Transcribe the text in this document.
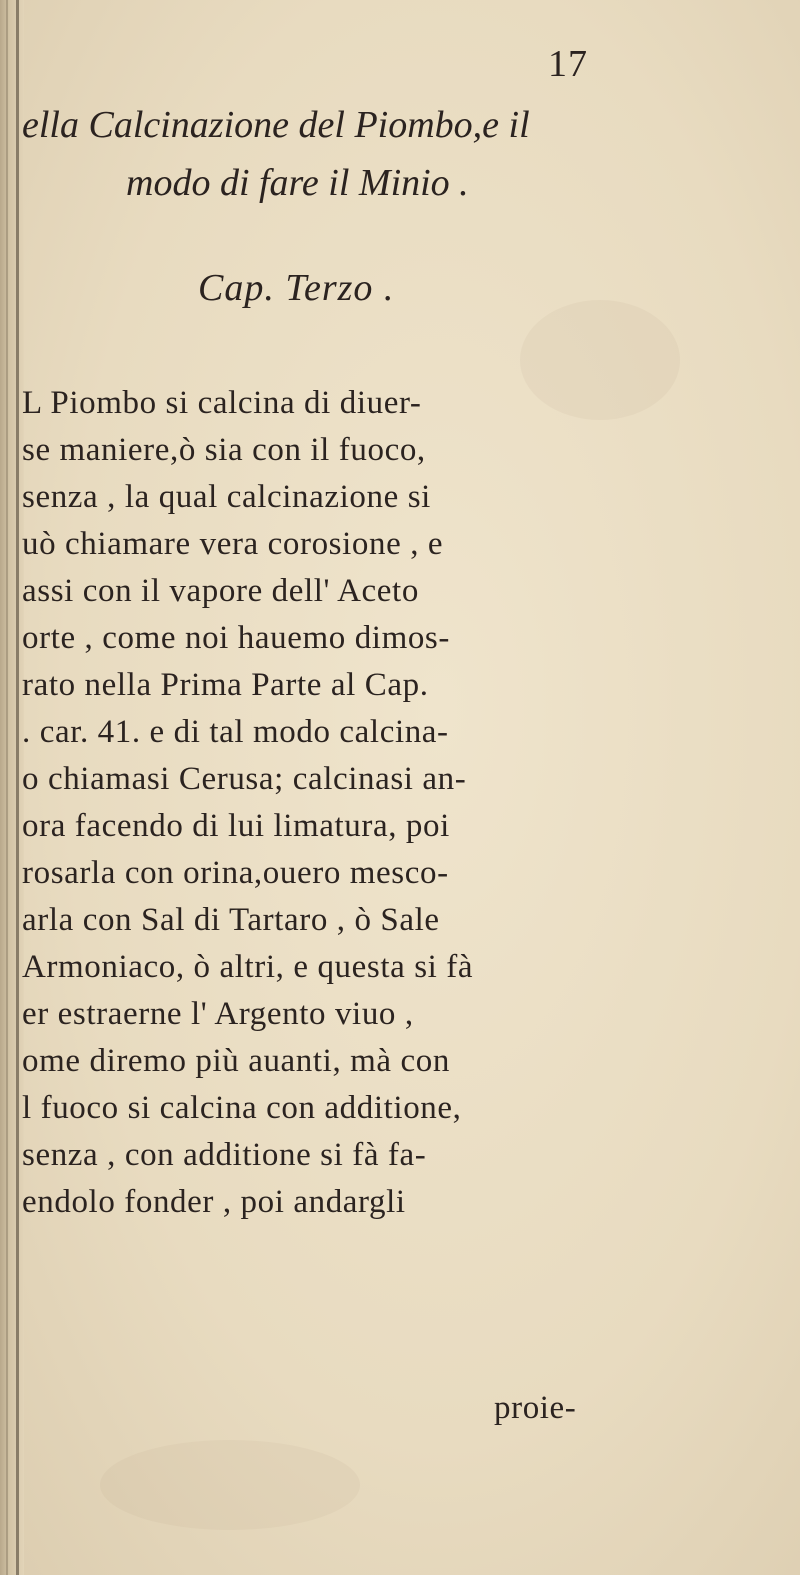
17
ella Calcinazione del Piombo,e il
modo di fare il Minio .
Cap. Terzo .
L Piombo si calcina di diuer-
se maniere,ò sia con il fuoco,
senza , la qual calcinazione si
uò chiamare vera corosione , e
assi con il vapore dell' Aceto
orte , come noi hauemo dimos-
rato nella Prima Parte al Cap.
. car. 41. e di tal modo calcina-
o chiamasi Cerusa; calcinasi an-
ora facendo di lui limatura, poi
rosarla con orina,ouero mesco-
arla con Sal di Tartaro , ò Sale
Armoniaco, ò altri, e questa si fà
er estraerne l' Argento viuo ,
ome diremo più auanti, mà con
l fuoco si calcina con additione,
senza , con additione si fà fa-
endolo fonder , poi andargli
proie-
